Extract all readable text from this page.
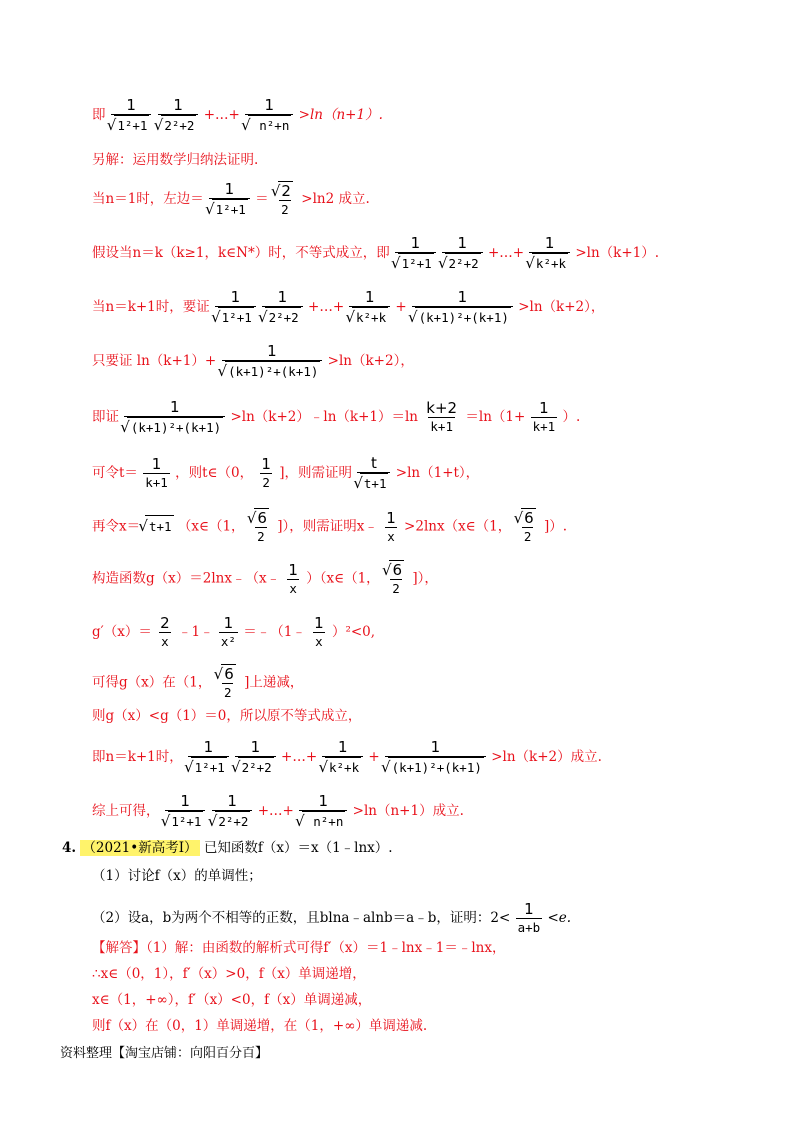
即
1
√ 1²+1

1
√ 2²+2
+…+
1
√ n²+n
>ln（n+1）.
另解：运用数学归纳法证明.
当n＝1时，左边＝
1
√ 1²+1
＝ √ 2
2
>ln2 成立.
假设当n＝k（k≥1，k∈N*）时，不等式成立，即
1
√ 1²+1

1
√ 2²+2
+…+
1
√ k²+k
>ln（k+1）.
当n＝k+1时，要证
1
√ 1²+1

1
√ 2²+2
+…+
1
√ k²+k
+
1
√ (k+1)²+(k+1)
>ln（k+2），
只要证 ln（k+1）+
1
√ (k+1)²+(k+1)
>ln（k+2），
即证
1
√ (k+1)²+(k+1)
>ln（k+2）﹣ln（k+1）＝ln k+2
k+1
＝ln（1+ 1
k+1
）.
可令t＝ 1
k+1
，则t∈（0， 1
2
]，则需证明
t
√ t+1
>ln（1+t），
再令x＝ √ t+1 （x∈（1， √ 6
2
]），则需证明x﹣ 1
x
>2lnx（x∈（1， √ 6
2
]）.
构造函数g（x）＝2lnx﹣（x﹣ 1
x
）（x∈（1， √ 6
2
]），
g′（x）＝ 2
x
﹣1﹣ 1
x²
＝﹣（1﹣ 1
x
）²<0,
可得g（x）在（1， √ 6
2
]上递减，
则g（x）<g（1）＝0，所以原不等式成立，
即n＝k+1时，
1
√ 1²+1

1
√ 2²+2
+…+
1
√ k²+k
+
1
√ (k+1)²+(k+1)
>ln（k+2）成立.
综上可得，
1
√ 1²+1

1
√ 2²+2
+…+
1
√ n²+n
>ln（n+1）成立.
4. （2021•新高考Ⅰ） 已知函数f（x）＝x（1﹣lnx）.
（1）讨论f（x）的单调性；
（2）设a，b为两个不相等的正数，且blna﹣alnb＝a﹣b，证明：2< 1
a+b
<e.
【解答】（1）解：由函数的解析式可得f′（x）＝1﹣lnx﹣1＝﹣lnx，
∴x∈（0，1），f′（x）>0，f（x）单调递增，
x∈（1，+∞），f′（x）<0，f（x）单调递减，
则f（x）在（0，1）单调递增，在（1，+∞）单调递减.
资料整理【淘宝店铺：向阳百分百】
